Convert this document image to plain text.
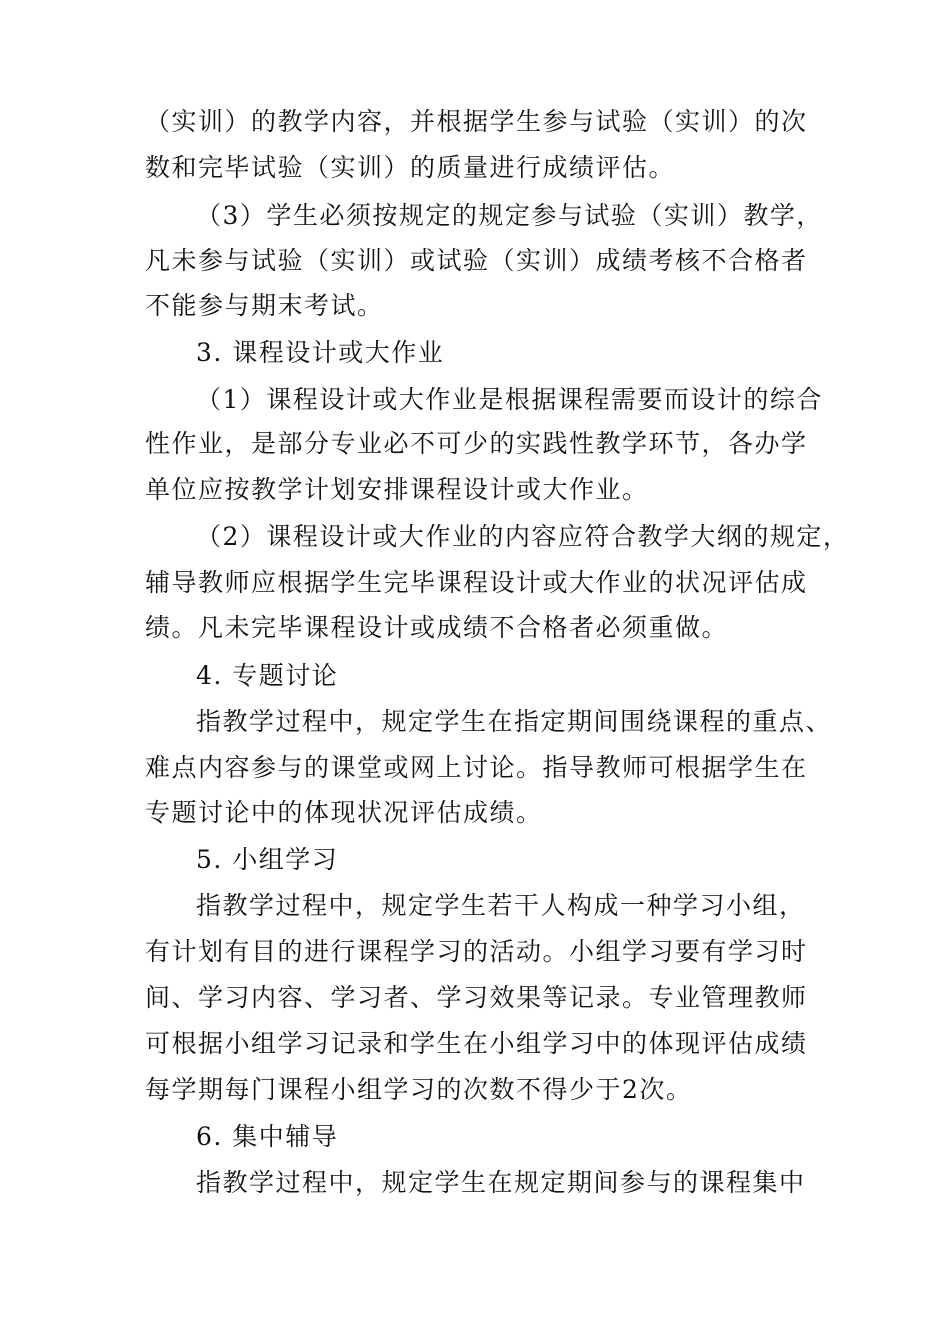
（实训）的教学内容，并根据学生参与试验（实训）的次
数和完毕试验（实训）的质量进行成绩评估。
（3）学生必须按规定的规定参与试验（实训）教学，
凡未参与试验（实训）或试验（实训）成绩考核不合格者
不能参与期末考试。
3. 课程设计或大作业
（1）课程设计或大作业是根据课程需要而设计的综合
性作业，是部分专业必不可少的实践性教学环节，各办学
单位应按教学计划安排课程设计或大作业。
（2）课程设计或大作业的内容应符合教学大纲的规定，
辅导教师应根据学生完毕课程设计或大作业的状况评估成
绩。凡未完毕课程设计或成绩不合格者必须重做。
4. 专题讨论
指教学过程中，规定学生在指定期间围绕课程的重点、
难点内容参与的课堂或网上讨论。指导教师可根据学生在
专题讨论中的体现状况评估成绩。
5. 小组学习
指教学过程中，规定学生若干人构成一种学习小组，
有计划有目的进行课程学习的活动。小组学习要有学习时
间、学习内容、学习者、学习效果等记录。专业管理教师
可根据小组学习记录和学生在小组学习中的体现评估成绩
每学期每门课程小组学习的次数不得少于2次。
6. 集中辅导
指教学过程中，规定学生在规定期间参与的课程集中
